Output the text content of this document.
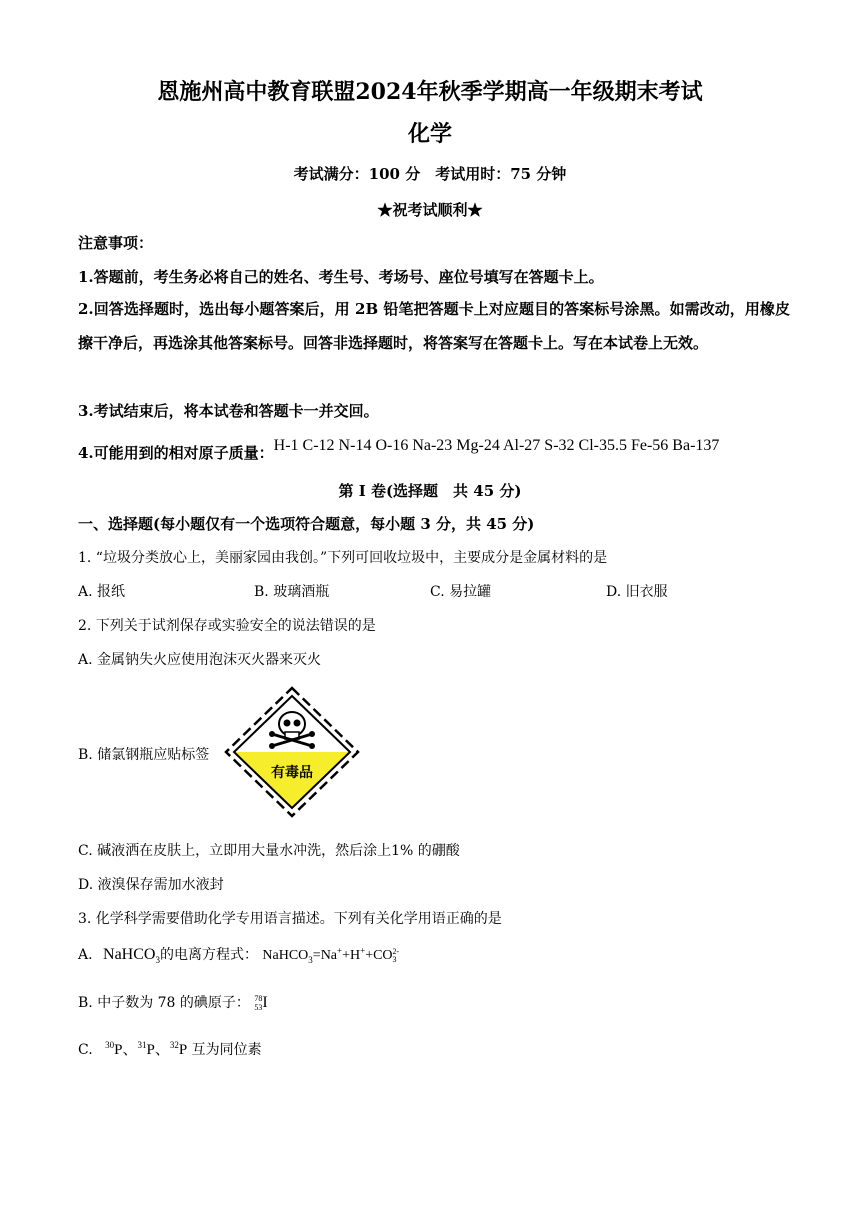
恩施州高中教育联盟2024年秋季学期高一年级期末考试
化学
考试满分：100 分　考试用时：75 分钟
★祝考试顺利★
注意事项：
1.答题前，考生务必将自己的姓名、考生号、考场号、座位号填写在答题卡上。
2.回答选择题时，选出每小题答案后，用 2B 铅笔把答题卡上对应题目的答案标号涂黑。如需改动，用橡皮擦干净后，再选涂其他答案标号。回答非选择题时，将答案写在答题卡上。写在本试卷上无效。
3.考试结束后，将本试卷和答题卡一并交回。
4.可能用到的相对原子质量：H-1 C-12 N-14 O-16 Na-23 Mg-24 Al-27 S-32 Cl-35.5 Fe-56 Ba-137
第 I 卷(选择题　共 45 分)
一、选择题(每小题仅有一个选项符合题意，每小题 3 分，共 45 分)
1. “垃圾分类放心上，美丽家园由我创。”下列可回收垃圾中，主要成分是金属材料的是
A. 报纸	B. 玻璃酒瓶	C. 易拉罐	D. 旧衣服
2. 下列关于试剂保存或实验安全的说法错误的是
A. 金属钠失火应使用泡沫灭火器来灭火
B. 储氯钢瓶应贴标签
有毒品
C. 碱液洒在皮肤上，立即用大量水冲洗，然后涂上1% 的硼酸
D. 液溴保存需加水液封
3. 化学科学需要借助化学专用语言描述。下列有关化学用语正确的是
A. NaHCO$_3$的电离方程式： NaHCO$_3$=Na++H++CO 2-
3
B. 中子数为 78 的碘原子： 78
53 I
C. $^{30}$P、$^{31}$P、$^{32}$P 互为同位素
